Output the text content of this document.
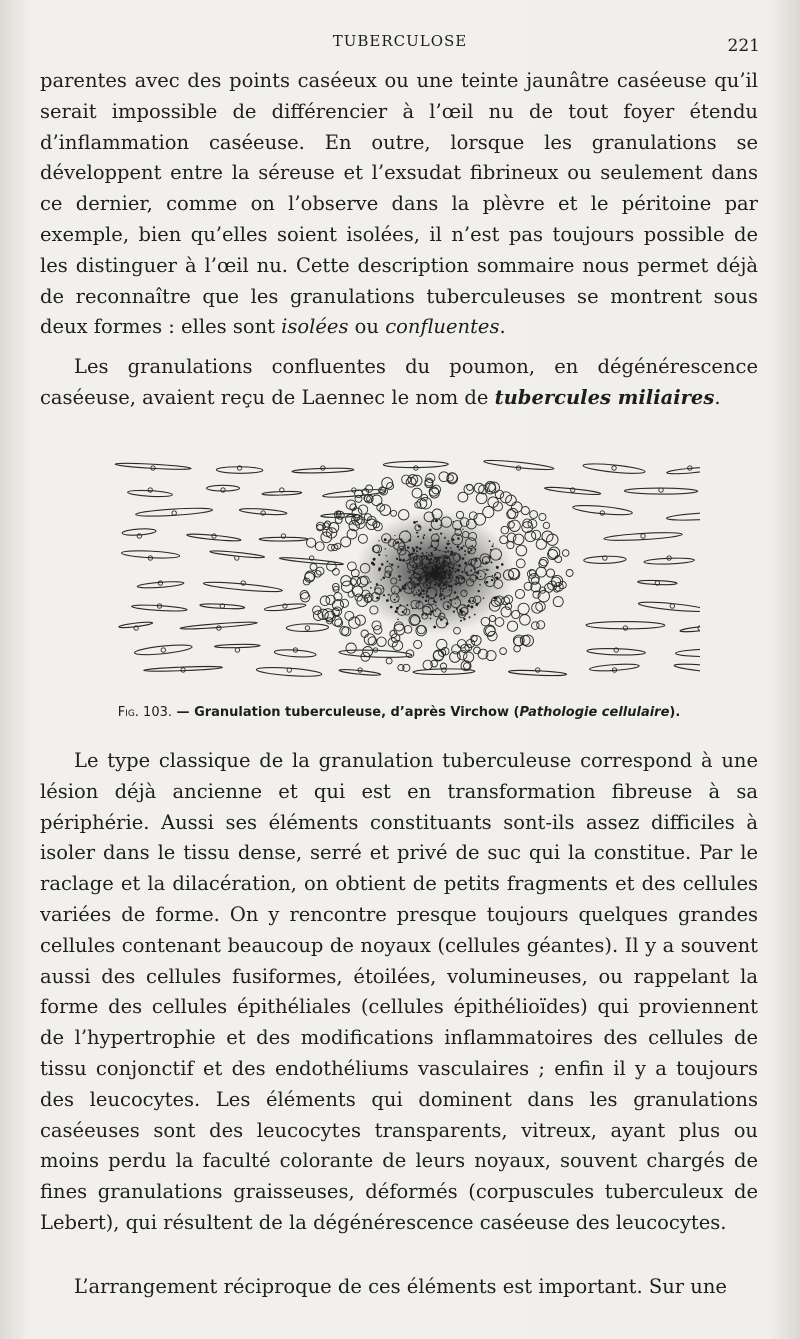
TUBERCULOSE	221

parentes avec des points caséeux ou une teinte jaunâtre caséeuse qu’il serait impossible de différencier à l’œil nu de tout foyer étendu d’inflammation caséeuse. En outre, lorsque les granulations se développent entre la séreuse et l’exsudat fibrineux ou seulement dans ce dernier, comme on l’observe dans la plèvre et le péritoine par exemple, bien qu’elles soient isolées, il n’est pas toujours possible de les distinguer à l’œil nu. Cette description sommaire nous permet déjà de reconnaître que les granulations tuberculeuses se montrent sous deux formes : elles sont isolées ou confluentes.

Les granulations confluentes du poumon, en dégénérescence caséeuse, avaient reçu de Laennec le nom de tubercules miliaires.

Fig. 103. — Granulation tuberculeuse, d’après Virchow (Pathologie cellulaire).

Le type classique de la granulation tuberculeuse correspond à une lésion déjà ancienne et qui est en transformation fibreuse à sa périphérie. Aussi ses éléments constituants sont-ils assez difficiles à isoler dans le tissu dense, serré et privé de suc qui la constitue. Par le raclage et la dilacération, on obtient de petits fragments et des cellules variées de forme. On y rencontre presque toujours quelques grandes cellules contenant beaucoup de noyaux (cellules géantes). Il y a souvent aussi des cellules fusiformes, étoilées, volumineuses, ou rappelant la forme des cellules épithéliales (cellules épithélioïdes) qui proviennent de l’hypertrophie et des modifications inflammatoires des cellules de tissu conjonctif et des endothéliums vasculaires ; enfin il y a toujours des leucocytes. Les éléments qui dominent dans les granulations caséeuses sont des leucocytes transparents, vitreux, ayant plus ou moins perdu la faculté colorante de leurs noyaux, souvent chargés de fines granulations graisseuses, déformés (corpuscules tuberculeux de Lebert), qui résultent de la dégénérescence caséeuse des leucocytes.

L’arrangement réciproque de ces éléments est important. Sur une
